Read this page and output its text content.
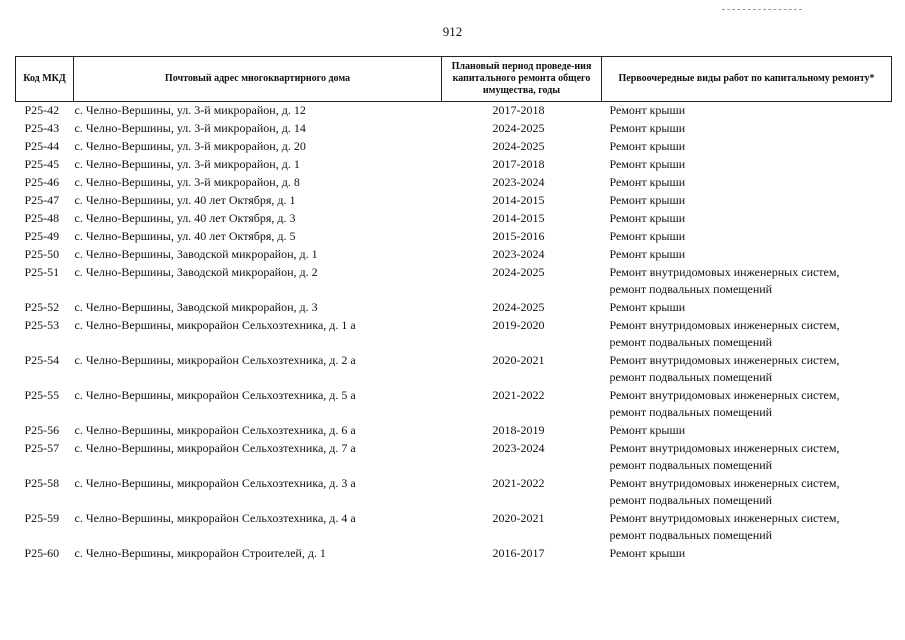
912
Код МКД	Почтовый адрес многоквартирного дома	Плановый период проведе-ния капитального ремонта общего имущества, годы	Первоочередные виды работ по капитальному ремонту*
Р25-42	с. Челно-Вершины, ул. 3-й микрорайон, д. 12	2017-2018	Ремонт крыши

Р25-43	с. Челно-Вершины, ул. 3-й микрорайон, д. 14	2024-2025	Ремонт крыши

Р25-44	с. Челно-Вершины, ул. 3-й микрорайон, д. 20	2024-2025	Ремонт крыши

Р25-45	с. Челно-Вершины, ул. 3-й микрорайон, д. 1	2017-2018	Ремонт крыши

Р25-46	с. Челно-Вершины, ул. 3-й микрорайон, д. 8	2023-2024	Ремонт крыши

Р25-47	с. Челно-Вершины, ул. 40 лет Октября, д. 1	2014-2015	Ремонт крыши

Р25-48	с. Челно-Вершины, ул. 40 лет Октября, д. 3	2014-2015	Ремонт крыши

Р25-49	с. Челно-Вершины, ул. 40 лет Октября, д. 5	2015-2016	Ремонт крыши

Р25-50	с. Челно-Вершины, Заводской микрорайон, д. 1	2023-2024	Ремонт крыши

Р25-51	с. Челно-Вершины, Заводской микрорайон, д. 2	2024-2025	Ремонт внутридомовых инженерных систем,
ремонт подвальных помещений

Р25-52	с. Челно-Вершины, Заводской микрорайон, д. 3	2024-2025	Ремонт крыши

Р25-53	с. Челно-Вершины, микрорайон Сельхозтехника, д. 1 а	2019-2020	Ремонт внутридомовых инженерных систем,
ремонт подвальных помещений

Р25-54	с. Челно-Вершины, микрорайон Сельхозтехника, д. 2 а	2020-2021	Ремонт внутридомовых инженерных систем,
ремонт подвальных помещений

Р25-55	с. Челно-Вершины, микрорайон Сельхозтехника, д. 5 а	2021-2022	Ремонт внутридомовых инженерных систем,
ремонт подвальных помещений

Р25-56	с. Челно-Вершины, микрорайон Сельхозтехника, д. 6 а	2018-2019	Ремонт крыши

Р25-57	с. Челно-Вершины, микрорайон Сельхозтехника, д. 7 а	2023-2024	Ремонт внутридомовых инженерных систем,
ремонт подвальных помещений

Р25-58	с. Челно-Вершины, микрорайон Сельхозтехника, д. 3 а	2021-2022	Ремонт внутридомовых инженерных систем,
ремонт подвальных помещений

Р25-59	с. Челно-Вершины, микрорайон Сельхозтехника, д. 4 а	2020-2021	Ремонт внутридомовых инженерных систем,
ремонт подвальных помещений

Р25-60	с. Челно-Вершины, микрорайон Строителей, д. 1	2016-2017	Ремонт крыши
